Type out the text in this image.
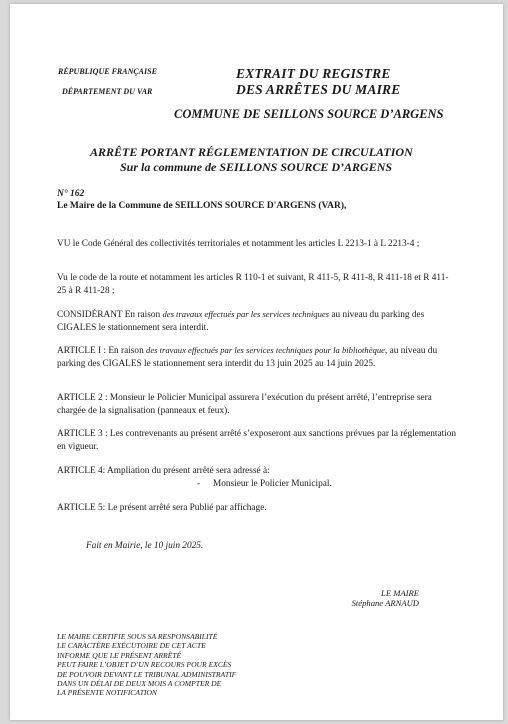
RÉPUBLIQUE FRANÇAISE
DÉPARTEMENT DU VAR
EXTRAIT DU REGISTRE
DES ARRÊTES DU MAIRE
COMMUNE DE SEILLONS SOURCE D’ARGENS
ARRÊTE PORTANT RÉGLEMENTATION DE CIRCULATION
Sur la commune de SEILLONS SOURCE D’ARGENS
N° 162
Le Maire de la Commune de SEILLONS SOURCE D'ARGENS (VAR),
VU le Code Général des collectivités territoriales et notamment les articles L 2213-1 à L 2213-4 ;
Vu le code de la route et notamment les articles R 110-1 et suivant, R 411-5, R 411-8, R 411-18 et R 411-25 à R 411-28 ;
CONSIDÉRANT En raison des travaux effectués par les services techniques au niveau du parking des CIGALES le stationnement sera interdit.
ARTICLE I : En raison des travaux effectués par les services techniques pour la bibliothèque, au niveau du parking des CIGALES le stationnement sera interdit du 13 juin 2025 au 14 juin 2025.
ARTICLE 2 : Monsieur le Policier Municipal assurera l’exécution du présent arrêté, l’entreprise sera chargée de la signalisation (panneaux et feux).
ARTICLE 3 : Les contrevenants au présent arrêté s’exposeront aux sanctions prévues par la réglementation en vigueur.
ARTICLE 4: Ampliation du présent arrêté sera adressé à:
- Monsieur le Policier Municipal.
ARTICLE 5: Le présent arrêté sera Publié par affichage.
Fait en Mairie, le 10 juin 2025.
LE MAIRE
Stéphane ARNAUD
LE MAIRE CERTIFIE SOUS SA RESPONSABILITÉ
LE CARACTÈRE EXÉCUTOIRE DE CET ACTE
INFORME QUE LE PRÉSENT ARRÊTÉ
PEUT FAIRE L’OBJET D’UN RECOURS POUR EXCÈS
DE POUVOIR DEVANT LE TRIBUNAL ADMINISTRATIF
DANS UN DÉLAI DE DEUX MOIS A COMPTER DE
LA PRÉSENTE NOTIFICATION
